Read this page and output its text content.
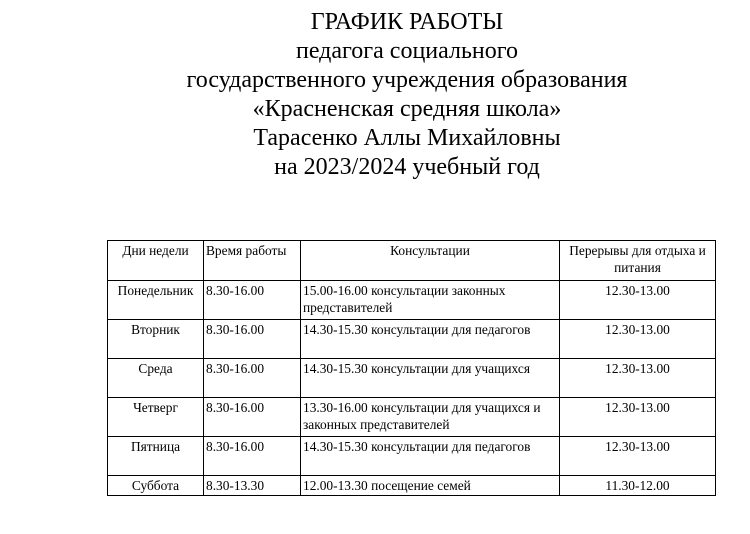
ГРАФИК РАБОТЫ
педагога социального
государственного учреждения образования
«Красненская средняя школа»
Тарасенко Аллы Михайловны
на 2023/2024 учебный год
Дни недели	Время работы	Консультации	Перерывы для отдыха и питания
Понедельник	8.30-16.00	15.00-16.00 консультации законных представителей	12.30-13.00
Вторник	8.30-16.00	14.30-15.30 консультации для педагогов	12.30-13.00
Среда	8.30-16.00	14.30-15.30 консультации для учащихся	12.30-13.00
Четверг	8.30-16.00	13.30-16.00 консультации для учащихся и законных представителей	12.30-13.00
Пятница	8.30-16.00	14.30-15.30 консультации для педагогов	12.30-13.00
Суббота	8.30-13.30	12.00-13.30 посещение семей	11.30-12.00
